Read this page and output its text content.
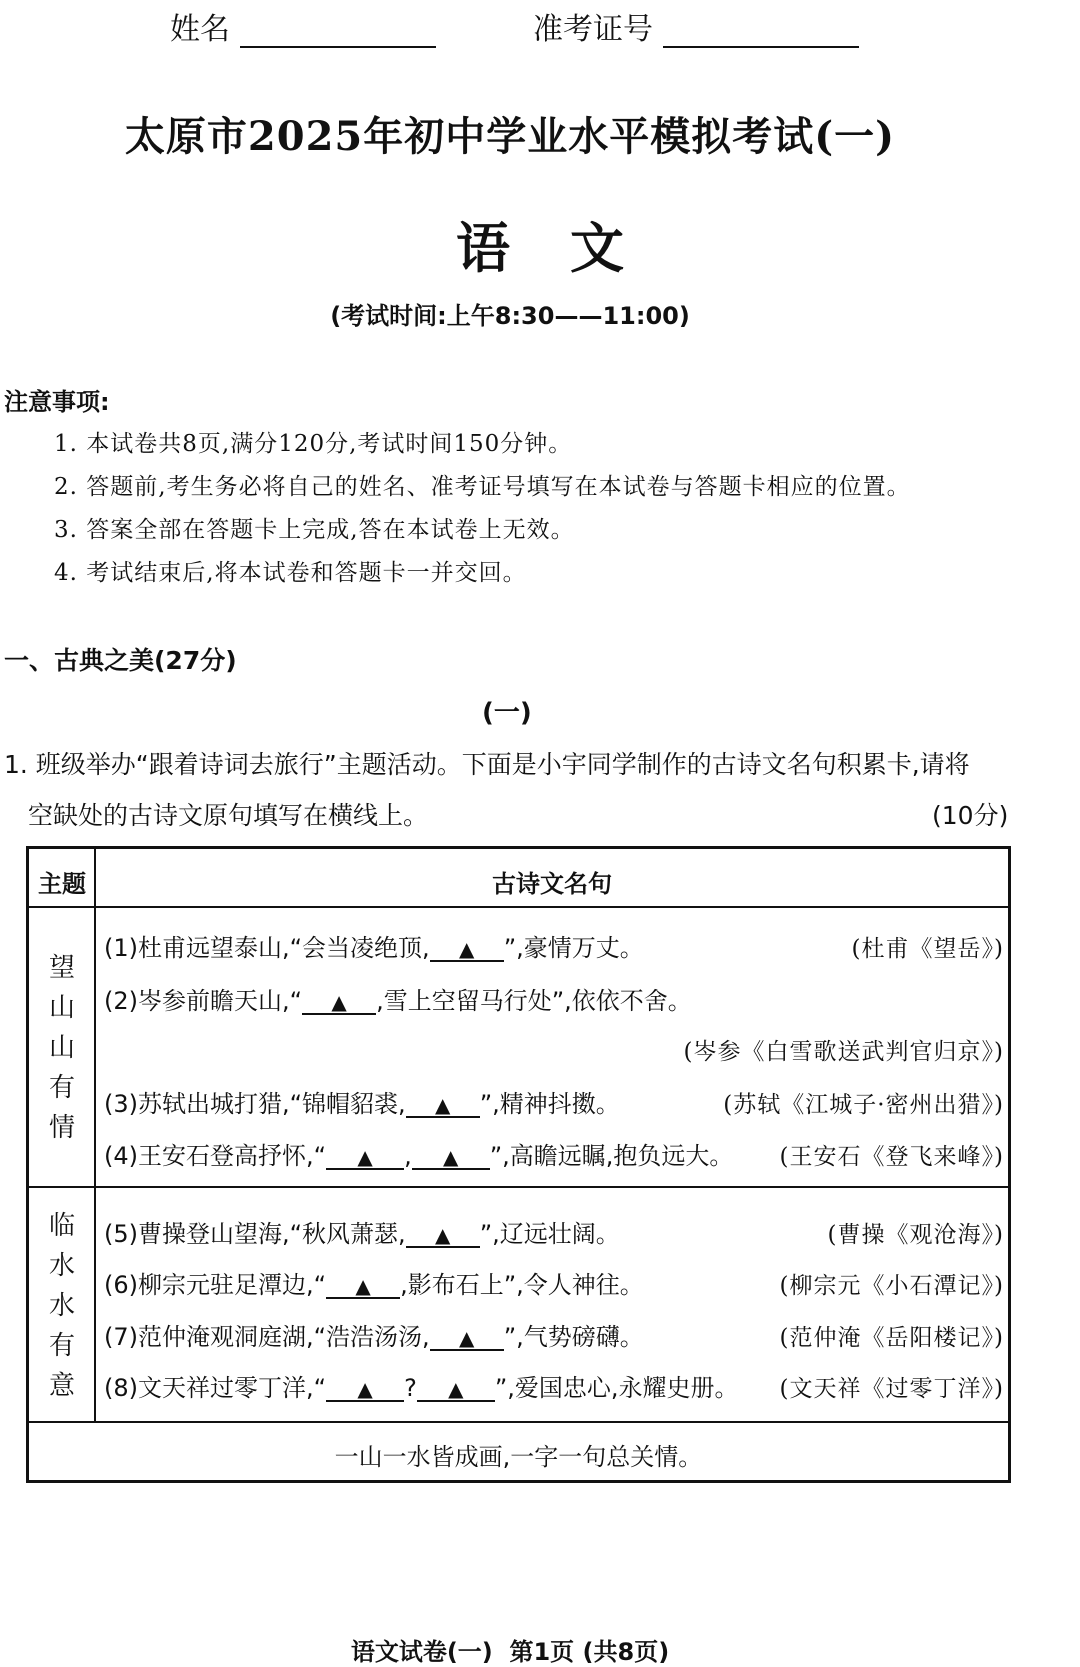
姓名	准考证号
太原市2025年初中学业水平模拟考试(一)
语文
(考试时间:上午8:30——11:00)
注意事项:
1. 本试卷共8页,满分120分,考试时间150分钟。
2. 答题前,考生务必将自己的姓名、准考证号填写在本试卷与答题卡相应的位置。
3. 答案全部在答题卡上完成,答在本试卷上无效。
4. 考试结束后,将本试卷和答题卡一并交回。
一、古典之美(27分)
(一)
1. 班级举办“跟着诗词去旅行”主题活动。下面是小宇同学制作的古诗文名句积累卡,请将
空缺处的古诗文原句填写在横线上。	(10分)
主题	古诗文名句
望
山
山
有
情
(1)杜甫远望泰山,“会当凌绝顶, ▲ ”,豪情万丈。	(杜甫《望岳》)
(2)岑参前瞻天山,“ ▲ ,雪上空留马行处”,依依不舍。
(岑参《白雪歌送武判官归京》)
(3)苏轼出城打猎,“锦帽貂裘, ▲ ”,精神抖擞。	(苏轼《江城子·密州出猎》)
(4)王安石登高抒怀,“ ▲ , ▲ ”,高瞻远瞩,抱负远大。 (王安石《登飞来峰》)
临
水
水
有
意
(5)曹操登山望海,“秋风萧瑟, ▲ ”,辽远壮阔。	(曹操《观沧海》)
(6)柳宗元驻足潭边,“ ▲ ,影布石上”,令人神往。	(柳宗元《小石潭记》)
(7)范仲淹观洞庭湖,“浩浩汤汤, ▲ ”,气势磅礴。	(范仲淹《岳阳楼记》)
(8)文天祥过零丁洋,“ ▲ ? ▲ ”,爱国忠心,永耀史册。 (文天祥《过零丁洋》)
一山一水皆成画,一字一句总关情。
语文试卷(一)  第1页 (共8页)
